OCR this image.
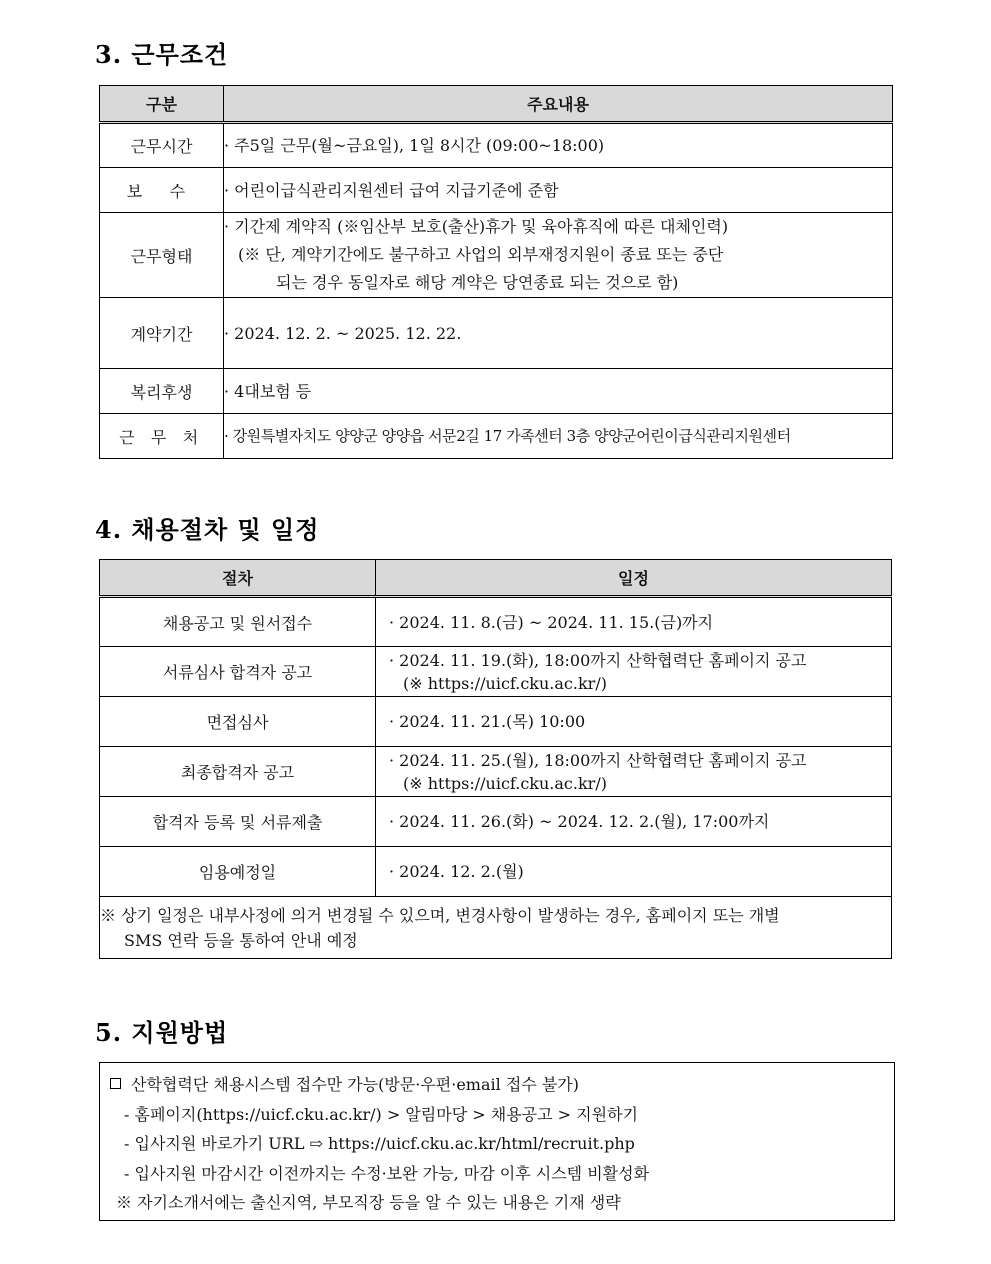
3. 근무조건
구분	주요내용
근무시간	· 주5일 근무(월~금요일), 1일 8시간 (09:00~18:00)
보 수	· 어린이급식관리지원센터 급여 지급기준에 준함
근무형태	· 기간제 계약직 (※임산부 보호(출산)휴가 및 육아휴직에 따른 대체인력)
(※ 단, 계약기간에도 불구하고 사업의 외부재정지원이 종료 또는 중단
되는 경우 동일자로 해당 계약은 당연종료 되는 것으로 함)

계약기간	· 2024. 12. 2. ~ 2025. 12. 22.
복리후생	· 4대보험 등
근 무 처	· 강원특별자치도 양양군 양양읍 서문2길 17 가족센터 3층 양양군어린이급식관리지원센터
4. 채용절차 및 일정
절차	일정
채용공고 및 원서접수	· 2024. 11. 8.(금) ~ 2024. 11. 15.(금)까지
서류심사 합격자 공고	· 2024. 11. 19.(화), 18:00까지 산학협력단 홈페이지 공고
(※ https://uicf.cku.ac.kr/)

면접심사	· 2024. 11. 21.(목) 10:00
최종합격자 공고	· 2024. 11. 25.(월), 18:00까지 산학협력단 홈페이지 공고
(※ https://uicf.cku.ac.kr/)

합격자 등록 및 서류제출	· 2024. 11. 26.(화) ~ 2024. 12. 2.(월), 17:00까지
임용예정일	· 2024. 12. 2.(월)

※ 상기 일정은 내부사정에 의거 변경될 수 있으며, 변경사항이 발생하는 경우, 홈페이지 또는 개별
SMS 연락 등을 통하여 안내 예정	
5. 지원방법
산학협력단 채용시스템 접수만 가능(방문·우편·email 접수 불가)
- 홈페이지(https://uicf.cku.ac.kr/) > 알림마당 > 채용공고 > 지원하기
- 입사지원 바로가기 URL ⇨ https://uicf.cku.ac.kr/html/recruit.php
- 입사지원 마감시간 이전까지는 수정·보완 가능, 마감 이후 시스템 비활성화
※ 자기소개서에는 출신지역, 부모직장 등을 알 수 있는 내용은 기재 생략
